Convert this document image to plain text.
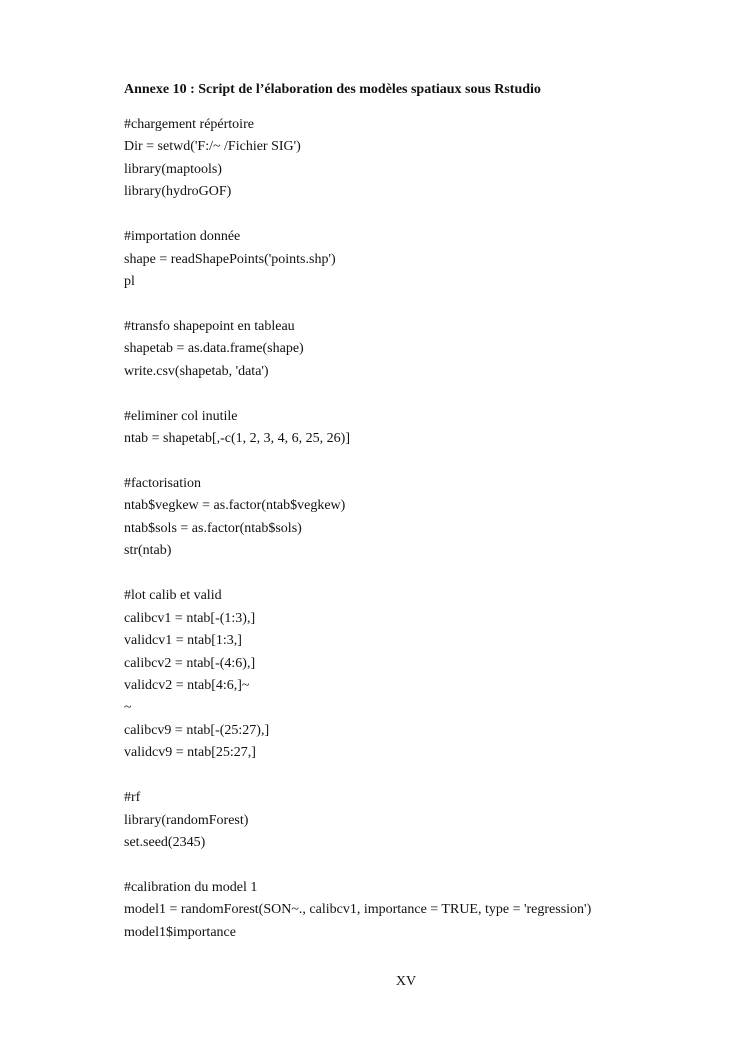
Annexe 10 : Script de l’élaboration des modèles spatiaux sous Rstudio
#chargement répértoire
Dir = setwd('F:/~ /Fichier SIG')
library(maptools)
library(hydroGOF)
#importation donnée
shape = readShapePoints('points.shp')
pl
#transfo shapepoint en tableau
shapetab = as.data.frame(shape)
write.csv(shapetab, 'data')
#eliminer col inutile
ntab = shapetab[,-c(1, 2, 3, 4, 6, 25, 26)]
#factorisation
ntab$vegkew = as.factor(ntab$vegkew)
ntab$sols = as.factor(ntab$sols)
str(ntab)
#lot calib et valid
calibcv1 = ntab[-(1:3),]
validcv1 = ntab[1:3,]
calibcv2 = ntab[-(4:6),]
validcv2 = ntab[4:6,]~
~
calibcv9 = ntab[-(25:27),]
validcv9 = ntab[25:27,]
#rf
library(randomForest)
set.seed(2345)
#calibration du model 1
model1 = randomForest(SON~., calibcv1, importance = TRUE, type = 'regression')
model1$importance
XV
